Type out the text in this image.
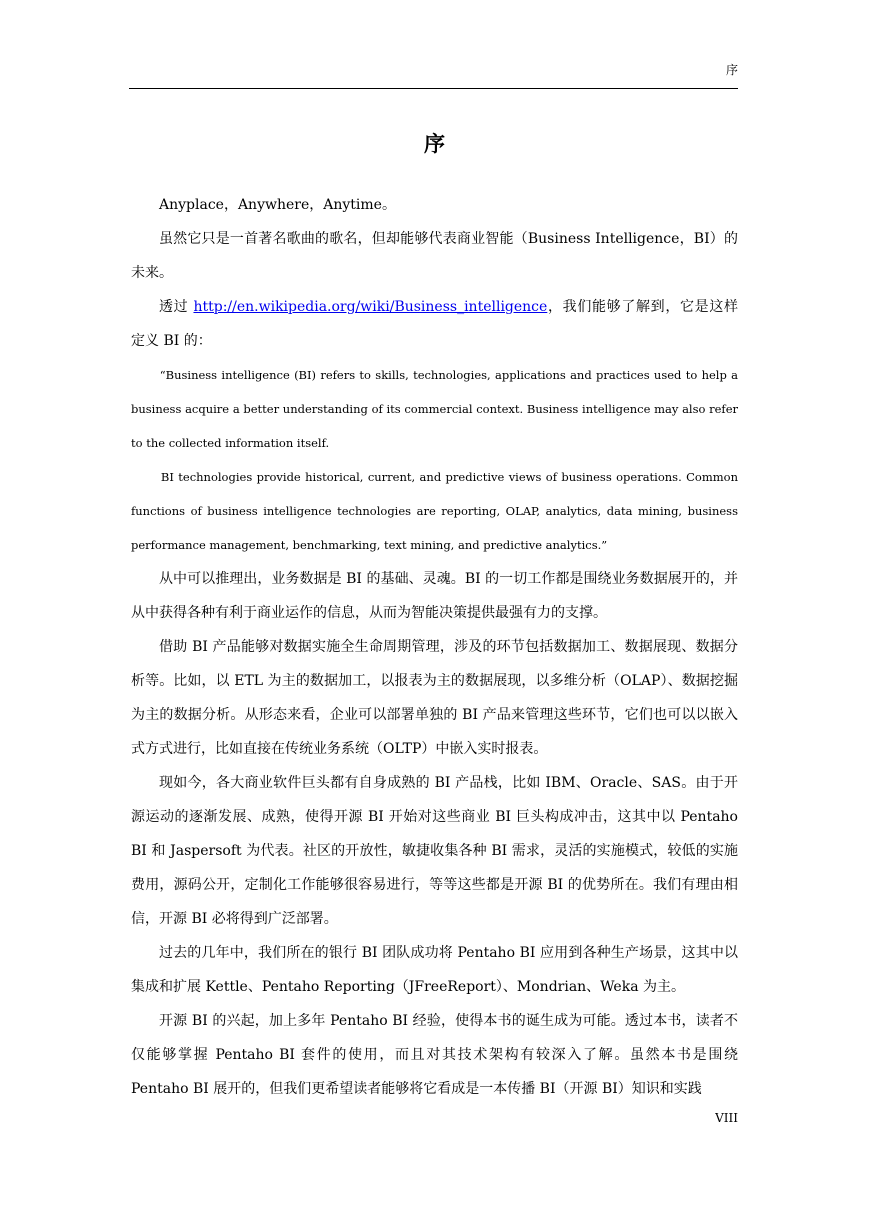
序
序

Anyplace，Anywhere，Anytime。

虽然它只是一首著名歌曲的歌名，但却能够代表商业智能（Business Intelligence，BI）的未来。

透过 http://en.wikipedia.org/wiki/Business_intelligence，我们能够了解到，它是这样定义 BI 的：

“Business intelligence (BI) refers to skills, technologies, applications and practices used to help a business acquire a better understanding of its commercial context. Business intelligence may also refer to the collected information itself.

BI technologies provide historical, current, and predictive views of business operations. Common functions of business intelligence technologies are reporting, OLAP, analytics, data mining, business performance management, benchmarking, text mining, and predictive analytics.”

从中可以推理出，业务数据是 BI 的基础、灵魂。BI 的一切工作都是围绕业务数据展开的，并从中获得各种有利于商业运作的信息，从而为智能决策提供最强有力的支撑。

借助 BI 产品能够对数据实施全生命周期管理，涉及的环节包括数据加工、数据展现、数据分析等。比如，以 ETL 为主的数据加工，以报表为主的数据展现，以多维分析（OLAP）、数据挖掘为主的数据分析。从形态来看，企业可以部署单独的 BI 产品来管理这些环节，它们也可以以嵌入式方式进行，比如直接在传统业务系统（OLTP）中嵌入实时报表。

现如今，各大商业软件巨头都有自身成熟的 BI 产品栈，比如 IBM、Oracle、SAS。由于开源运动的逐渐发展、成熟，使得开源 BI 开始对这些商业 BI 巨头构成冲击，这其中以 Pentaho BI 和 Jaspersoft 为代表。社区的开放性，敏捷收集各种 BI 需求，灵活的实施模式，较低的实施费用，源码公开，定制化工作能够很容易进行，等等这些都是开源 BI 的优势所在。我们有理由相信，开源 BI 必将得到广泛部署。

过去的几年中，我们所在的银行 BI 团队成功将 Pentaho BI 应用到各种生产场景，这其中以集成和扩展 Kettle、Pentaho Reporting（JFreeReport）、Mondrian、Weka 为主。

开源 BI 的兴起，加上多年 Pentaho BI 经验，使得本书的诞生成为可能。透过本书，读者不仅能够掌握 Pentaho BI 套件的使用，而且对其技术架构有较深入了解。虽然本书是围绕 Pentaho BI 展开的，但我们更希望读者能够将它看成是一本传播 BI（开源 BI）知识和实践

VIII
